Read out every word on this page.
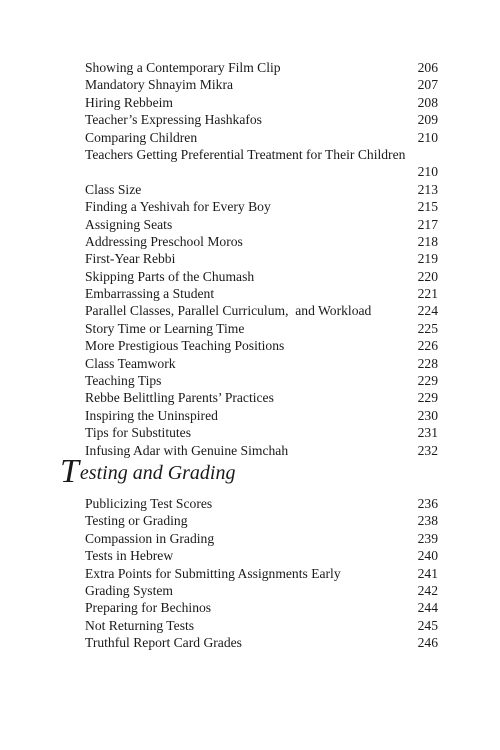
Showing a Contemporary Film Clip	206
Mandatory Shnayim Mikra	207
Hiring Rebbeim	208
Teacher’s Expressing Hashkafos	209
Comparing Children	210
Teachers Getting Preferential Treatment for Their Children
210
Class Size	213
Finding a Yeshivah for Every Boy	215
Assigning Seats	217
Addressing Preschool Moros	218
First-Year Rebbi	219
Skipping Parts of the Chumash	220
Embarrassing a Student	221
Parallel Classes, Parallel Curriculum,  and Workload	224
Story Time or Learning Time	225
More Prestigious Teaching Positions	226
Class Teamwork	228
Teaching Tips	229
Rebbe Belittling Parents’ Practices	229
Inspiring the Uninspired	230
Tips for Substitutes	231
Infusing Adar with Genuine Simchah	232
Testing and Grading
Publicizing Test Scores	236
Testing or Grading	238
Compassion in Grading	239
Tests in Hebrew	240
Extra Points for Submitting Assignments Early	241
Grading System	242
Preparing for Bechinos	244
Not Returning Tests	245
Truthful Report Card Grades	246
